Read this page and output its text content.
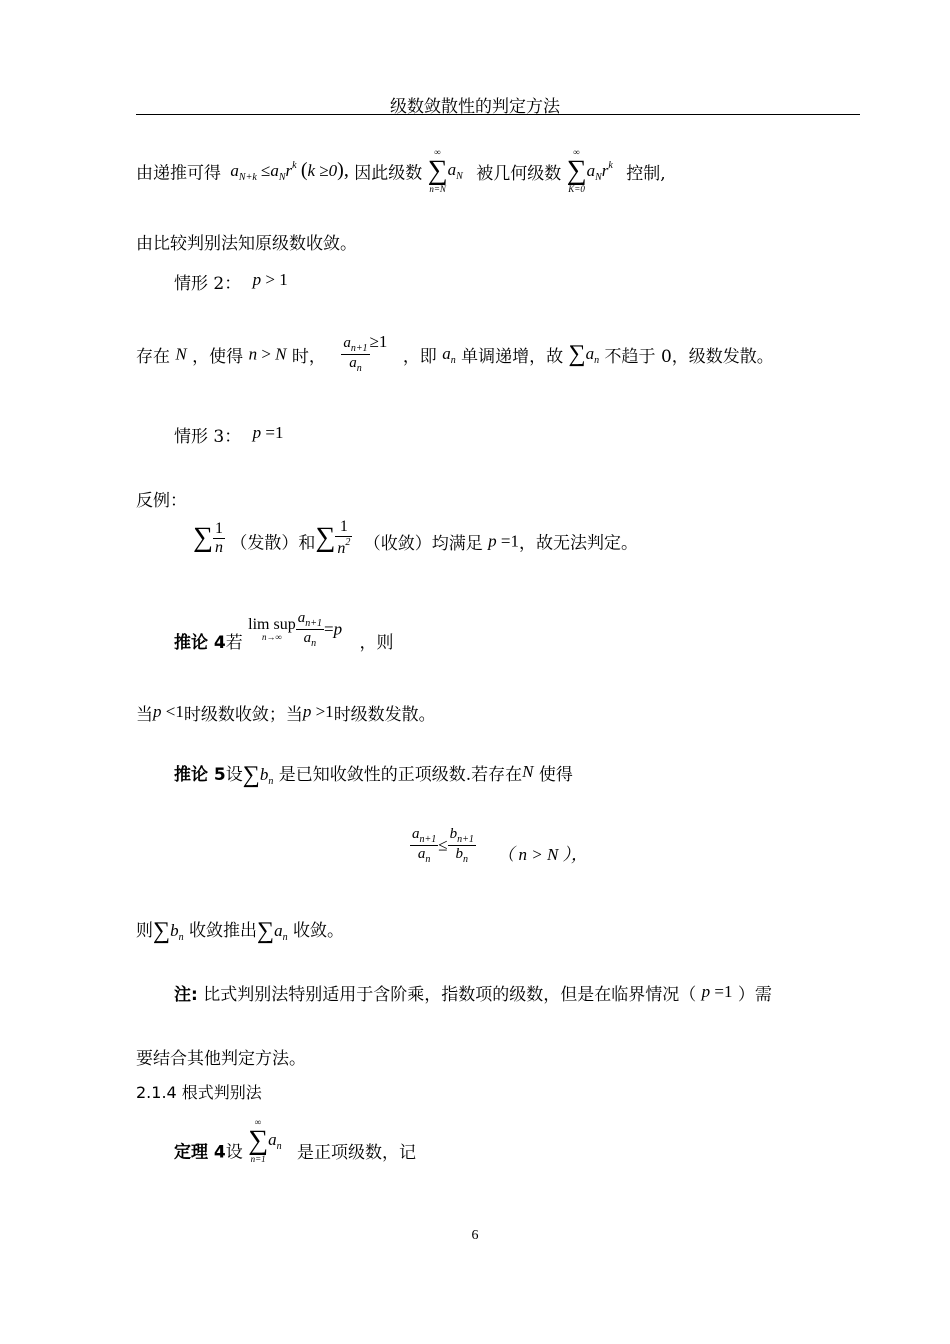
级数敛散性的判定方法
由递推可得 $a_{N+k} \le a_Nr^k$ (k ≥0), 因此级数
∞
∑
n=N
$a_N$ 被几何级数
∞
∑
K=0
$a_Nr^k$ 控制,
由比较判别法知原级数收敛。
情形 2： p > 1
存在 N ，使得 n > N 时， $\frac{a_{n+1}}{a_n} \ge 1$ ，即 $a_n$ 单调递增，故 $\sum a_n$ 不趋于 0，级数发散。
情形 3： p =1
反例：
∑ $\frac{1}{n}$ （发散）和∑ $\frac{1}{n^2}$ （收敛）均满足 p =1，故无法判定。
推论 4若
lim sup
$n\to\infty \frac{a_{n+1}}{a_n} =p$ ，则
当p <1时级数收敛；当p >1时级数发散。
推论 5设$\sum b_n$ 是已知收敛性的正项级数.若存在N 使得
$\frac{a_{n+1}}{a_n} \le \frac{b_{n+1}}{b_n}$ （ n > N ），
则$\sum b_n$ 收敛推出$\sum a_n$ 收敛。
注: 比式判别法特别适用于含阶乘，指数项的级数，但是在临界情况（ p =1 ）需
要结合其他判定方法。
2.1.4 根式判别法
定理 4设
∞
∑
n=1
$a_n$ 是正项级数，记
6
